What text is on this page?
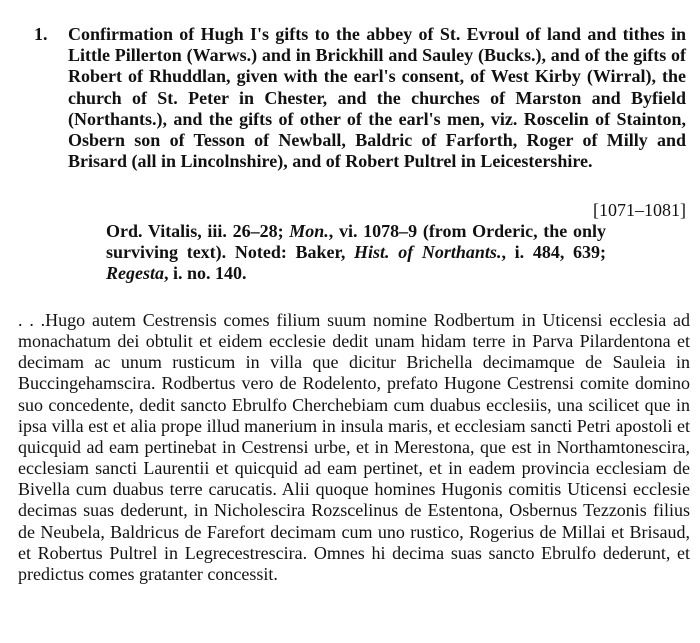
1. Confirmation of Hugh I's gifts to the abbey of St. Evroul of land and tithes in Little Pillerton (Warws.) and in Brickhill and Sauley (Bucks.), and of the gifts of Robert of Rhuddlan, given with the earl's consent, of West Kirby (Wirral), the church of St. Peter in Chester, and the churches of Marston and Byfield (Northants.), and the gifts of other of the earl's men, viz. Roscelin of Stainton, Osbern son of Tesson of Newball, Baldric of Farforth, Roger of Milly and Brisard (all in Lincolnshire), and of Robert Pultrel in Leicestershire.
[1071–1081]
Ord. Vitalis, iii. 26–28; Mon., vi. 1078–9 (from Orderic, the only surviving text). Noted: Baker, Hist. of Northants., i. 484, 639; Regesta, i. no. 140.
. . .Hugo autem Cestrensis comes filium suum nomine Rodbertum in Uticensi ecclesia ad monachatum dei obtulit et eidem ecclesie dedit unam hidam terre in Parva Pilardentona et decimam ac unum rusticum in villa que dicitur Brichella decimamque de Sauleia in Buccingehamscira. Rodbertus vero de Rodelento, prefato Hugone Cestrensi comite domino suo concedente, dedit sancto Ebrulfo Cherchebiam cum duabus ecclesiis, una scilicet que in ipsa villa est et alia prope illud manerium in insula maris, et ecclesiam sancti Petri apostoli et quicquid ad eam pertinebat in Cestrensi urbe, et in Merestona, que est in Northamtonescira, ecclesiam sancti Laurentii et quicquid ad eam pertinet, et in eadem provincia ecclesiam de Bivella cum duabus terre carucatis. Alii quoque homines Hugonis comitis Uticensi ecclesie decimas suas dederunt, in Nicholescira Rozscelinus de Estentona, Osbernus Tezzonis filius de Neubela, Baldricus de Farefort decimam cum uno rustico, Rogerius de Millai et Brisaud, et Robertus Pultrel in Legrecestrescira. Omnes hi decima suas sancto Ebrulfo dederunt, et predictus comes gratanter concessit.
